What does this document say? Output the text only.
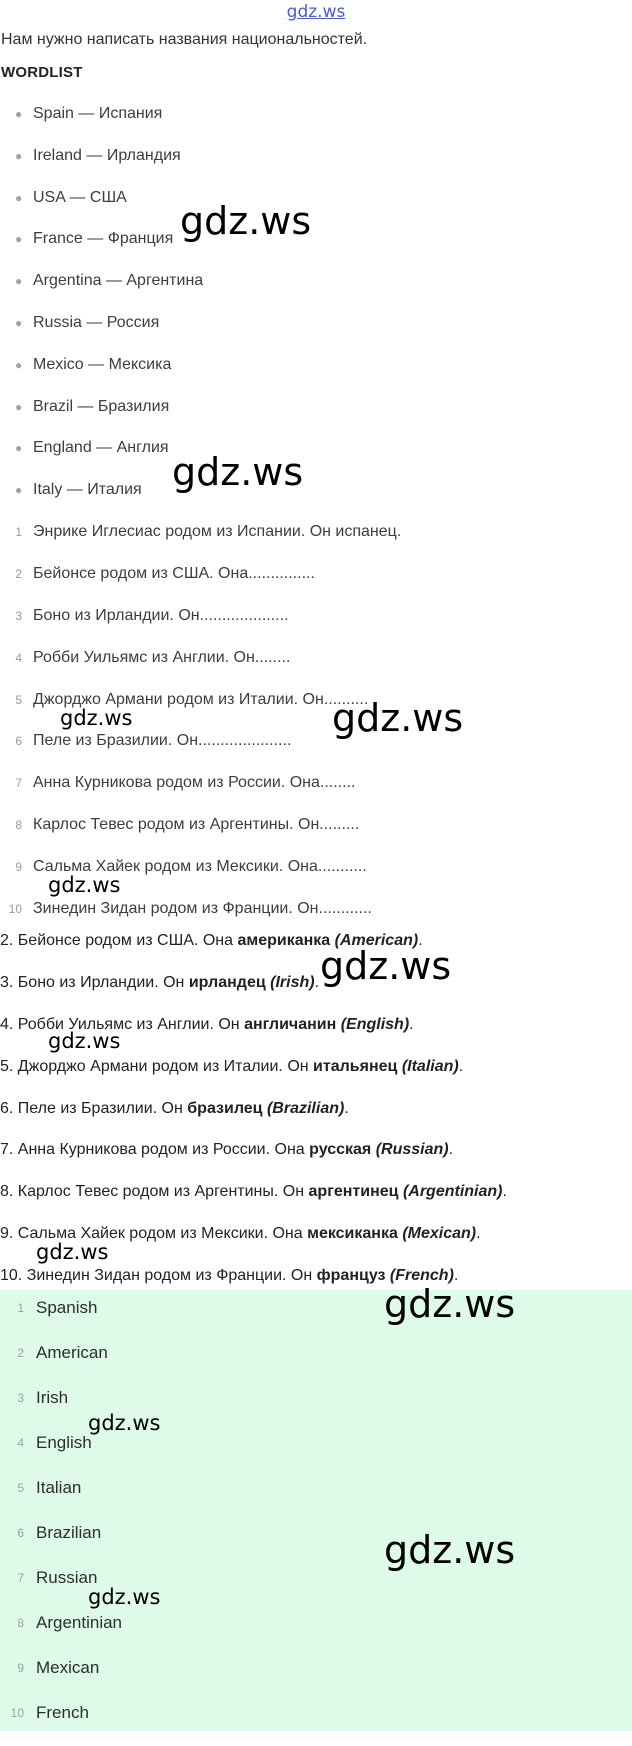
gdz.ws
Нам нужно написать названия национальностей.
WORDLIST
● Spain — Испания
● Ireland — Ирландия
● USA — США
● France — Франция
● Argentina — Аргентина
● Russia — Россия
● Mexico — Мексика
● Brazil — Бразилия
● England — Англия
● Italy — Италия
1 Энрике Иглесиас родом из Испании. Он испанец.
2 Бейонсе родом из США. Она...............
3 Боно из Ирландии. Он....................
4 Робби Уильямс из Англии. Он........
5 Джорджо Армани родом из Италии. Он..........
6 Пеле из Бразилии. Он.....................
7 Анна Курникова родом из России. Она........
8 Карлос Тевес родом из Аргентины. Он.........
9 Сальма Хайек родом из Мексики. Она...........
10 Зинедин Зидан родом из Франции. Он............
2. Бейонсе родом из США. Она американка (American).
3. Боно из Ирландии. Он ирландец (Irish).
4. Робби Уильямс из Англии. Он англичанин (English).
5. Джорджо Армани родом из Италии. Он итальянец (Italian).
6. Пеле из Бразилии. Он бразилец (Brazilian).
7. Анна Курникова родом из России. Она русская (Russian).
8. Карлос Тевес родом из Аргентины. Он аргентинец (Argentinian).
9. Сальма Хайек родом из Мексики. Она мексиканка (Mexican).
10. Зинедин Зидан родом из Франции. Он француз (French).
1 Spanish
2 American
3 Irish
4 English
5 Italian
6 Brazilian
7 Russian
8 Argentinian
9 Mexican
10 French
gdz.ws
gdz.ws
gdz.ws
gdz.ws
gdz.ws
gdz.ws
gdz.ws
gdz.ws
gdz.ws
gdz.ws
gdz.ws
gdz.ws
